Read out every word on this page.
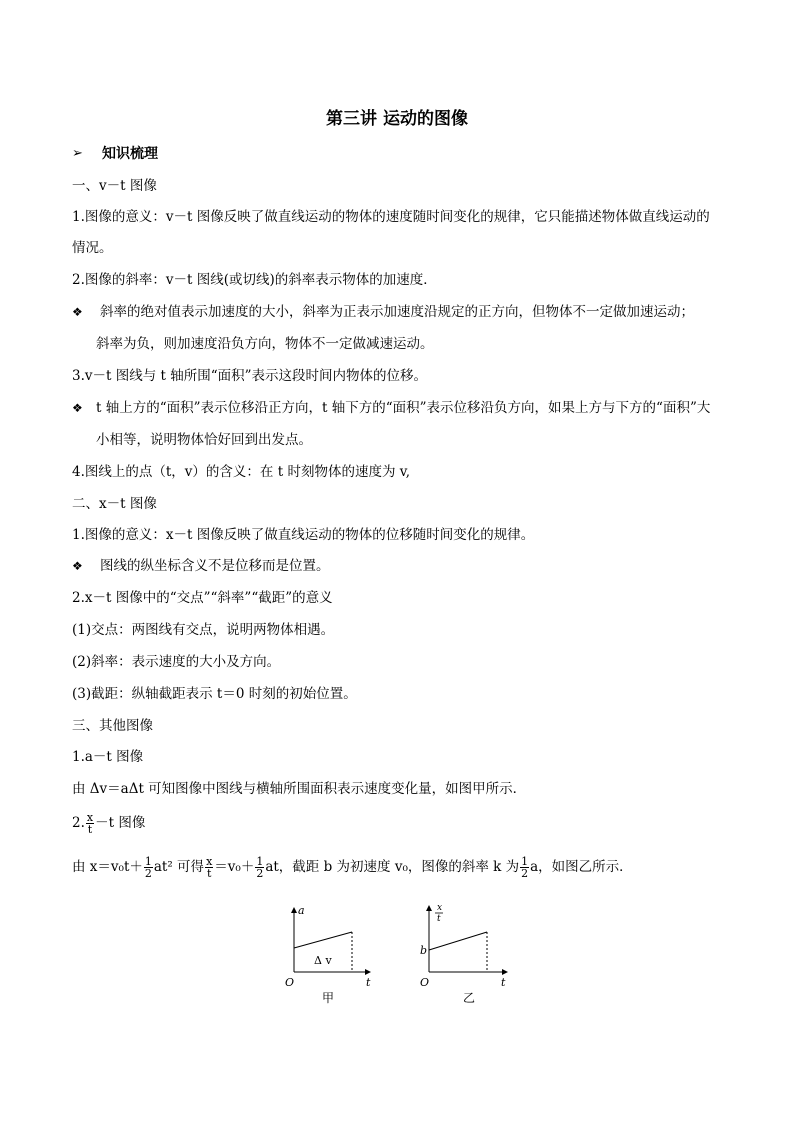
第三讲 运动的图像
➢ 知识梳理
一、v－t 图像
1.图像的意义：v－t 图像反映了做直线运动的物体的速度随时间变化的规律，它只能描述物体做直线运动的
情况。
2.图像的斜率：v－t 图线(或切线)的斜率表示物体的加速度．
❖ 斜率的绝对值表示加速度的大小，斜率为正表示加速度沿规定的正方向，但物体不一定做加速运动；
斜率为负，则加速度沿负方向，物体不一定做减速运动。
3.v－t 图线与 t 轴所围“面积”表示这段时间内物体的位移。
❖ t 轴上方的“面积”表示位移沿正方向，t 轴下方的“面积”表示位移沿负方向，如果上方与下方的“面积”大
小相等，说明物体恰好回到出发点。
4.图线上的点（t，v）的含义：在 t 时刻物体的速度为 v,
二、x－t 图像
1.图像的意义：x－t 图像反映了做直线运动的物体的位移随时间变化的规律。
❖ 图线的纵坐标含义不是位移而是位置。
2.x－t 图像中的“交点”“斜率”“截距”的意义
(1)交点：两图线有交点，说明两物体相遇。
(2)斜率：表示速度的大小及方向。
(3)截距：纵轴截距表示 t＝0 时刻的初始位置。
三、其他图像
1.a－t 图像
由 Δv＝aΔt 可知图像中图线与横轴所围面积表示速度变化量，如图甲所示．
2. $\frac{x}{t} -t$ 图像
由 $x=v_0t+ \frac{1}{2} at^2$ 可得 $\frac{x}{t} =v_0+ \frac{1}{2}$ at，截距 b 为初速度 v₀，图像的斜率 k 为 $\frac{1}{2}$ a，如图乙所示．
a
t
O
Δ v
甲
x
t
t
O
b
乙
